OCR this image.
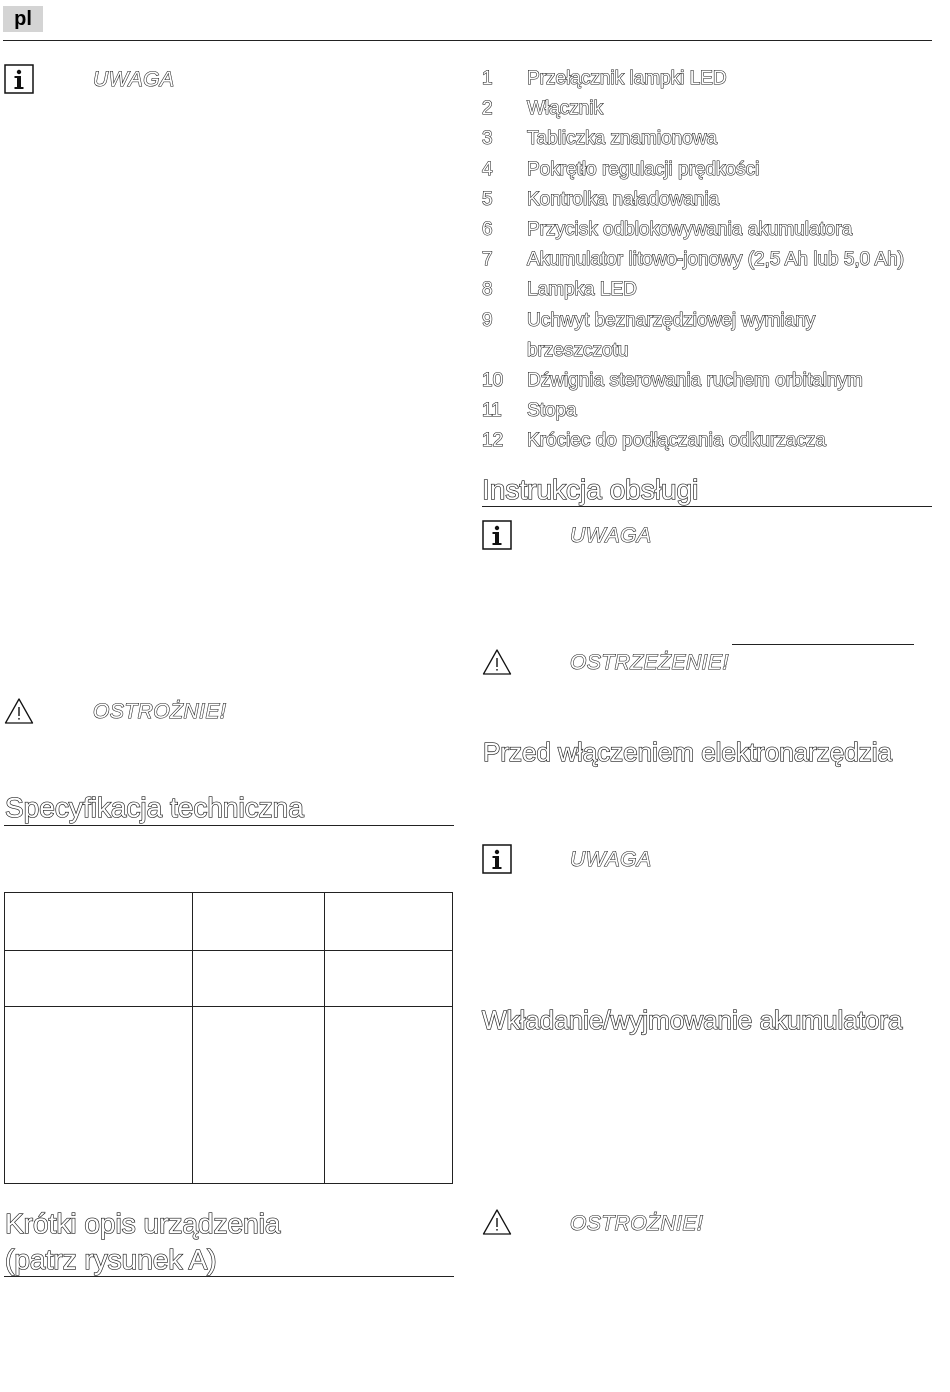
pl
UWAGA
OSTROŻNIE!
Specyfikacja techniczna

Krótki opis urządzenia
(patrz rysunek A)
1	Przełącznik lampki LED
2	Włącznik
3	Tabliczka znamionowa
4	Pokrętło regulacji prędkości
5	Kontrolka naładowania
6	Przycisk odblokowywania akumulatora
7	Akumulator litowo-jonowy (2,5 Ah lub 5,0 Ah)
8	Lampka LED
9	Uchwyt beznarzędziowej wymiany brzeszczotu
10	Dźwignia sterowania ruchem orbitalnym
11	Stopa
12	Króciec do podłączania odkurzacza
Instrukcja obsługi
UWAGA
OSTRZEŻENIE!
Przed włączeniem elektronarzędzia
UWAGA
Wkładanie/wyjmowanie akumulatora
OSTROŻNIE!
